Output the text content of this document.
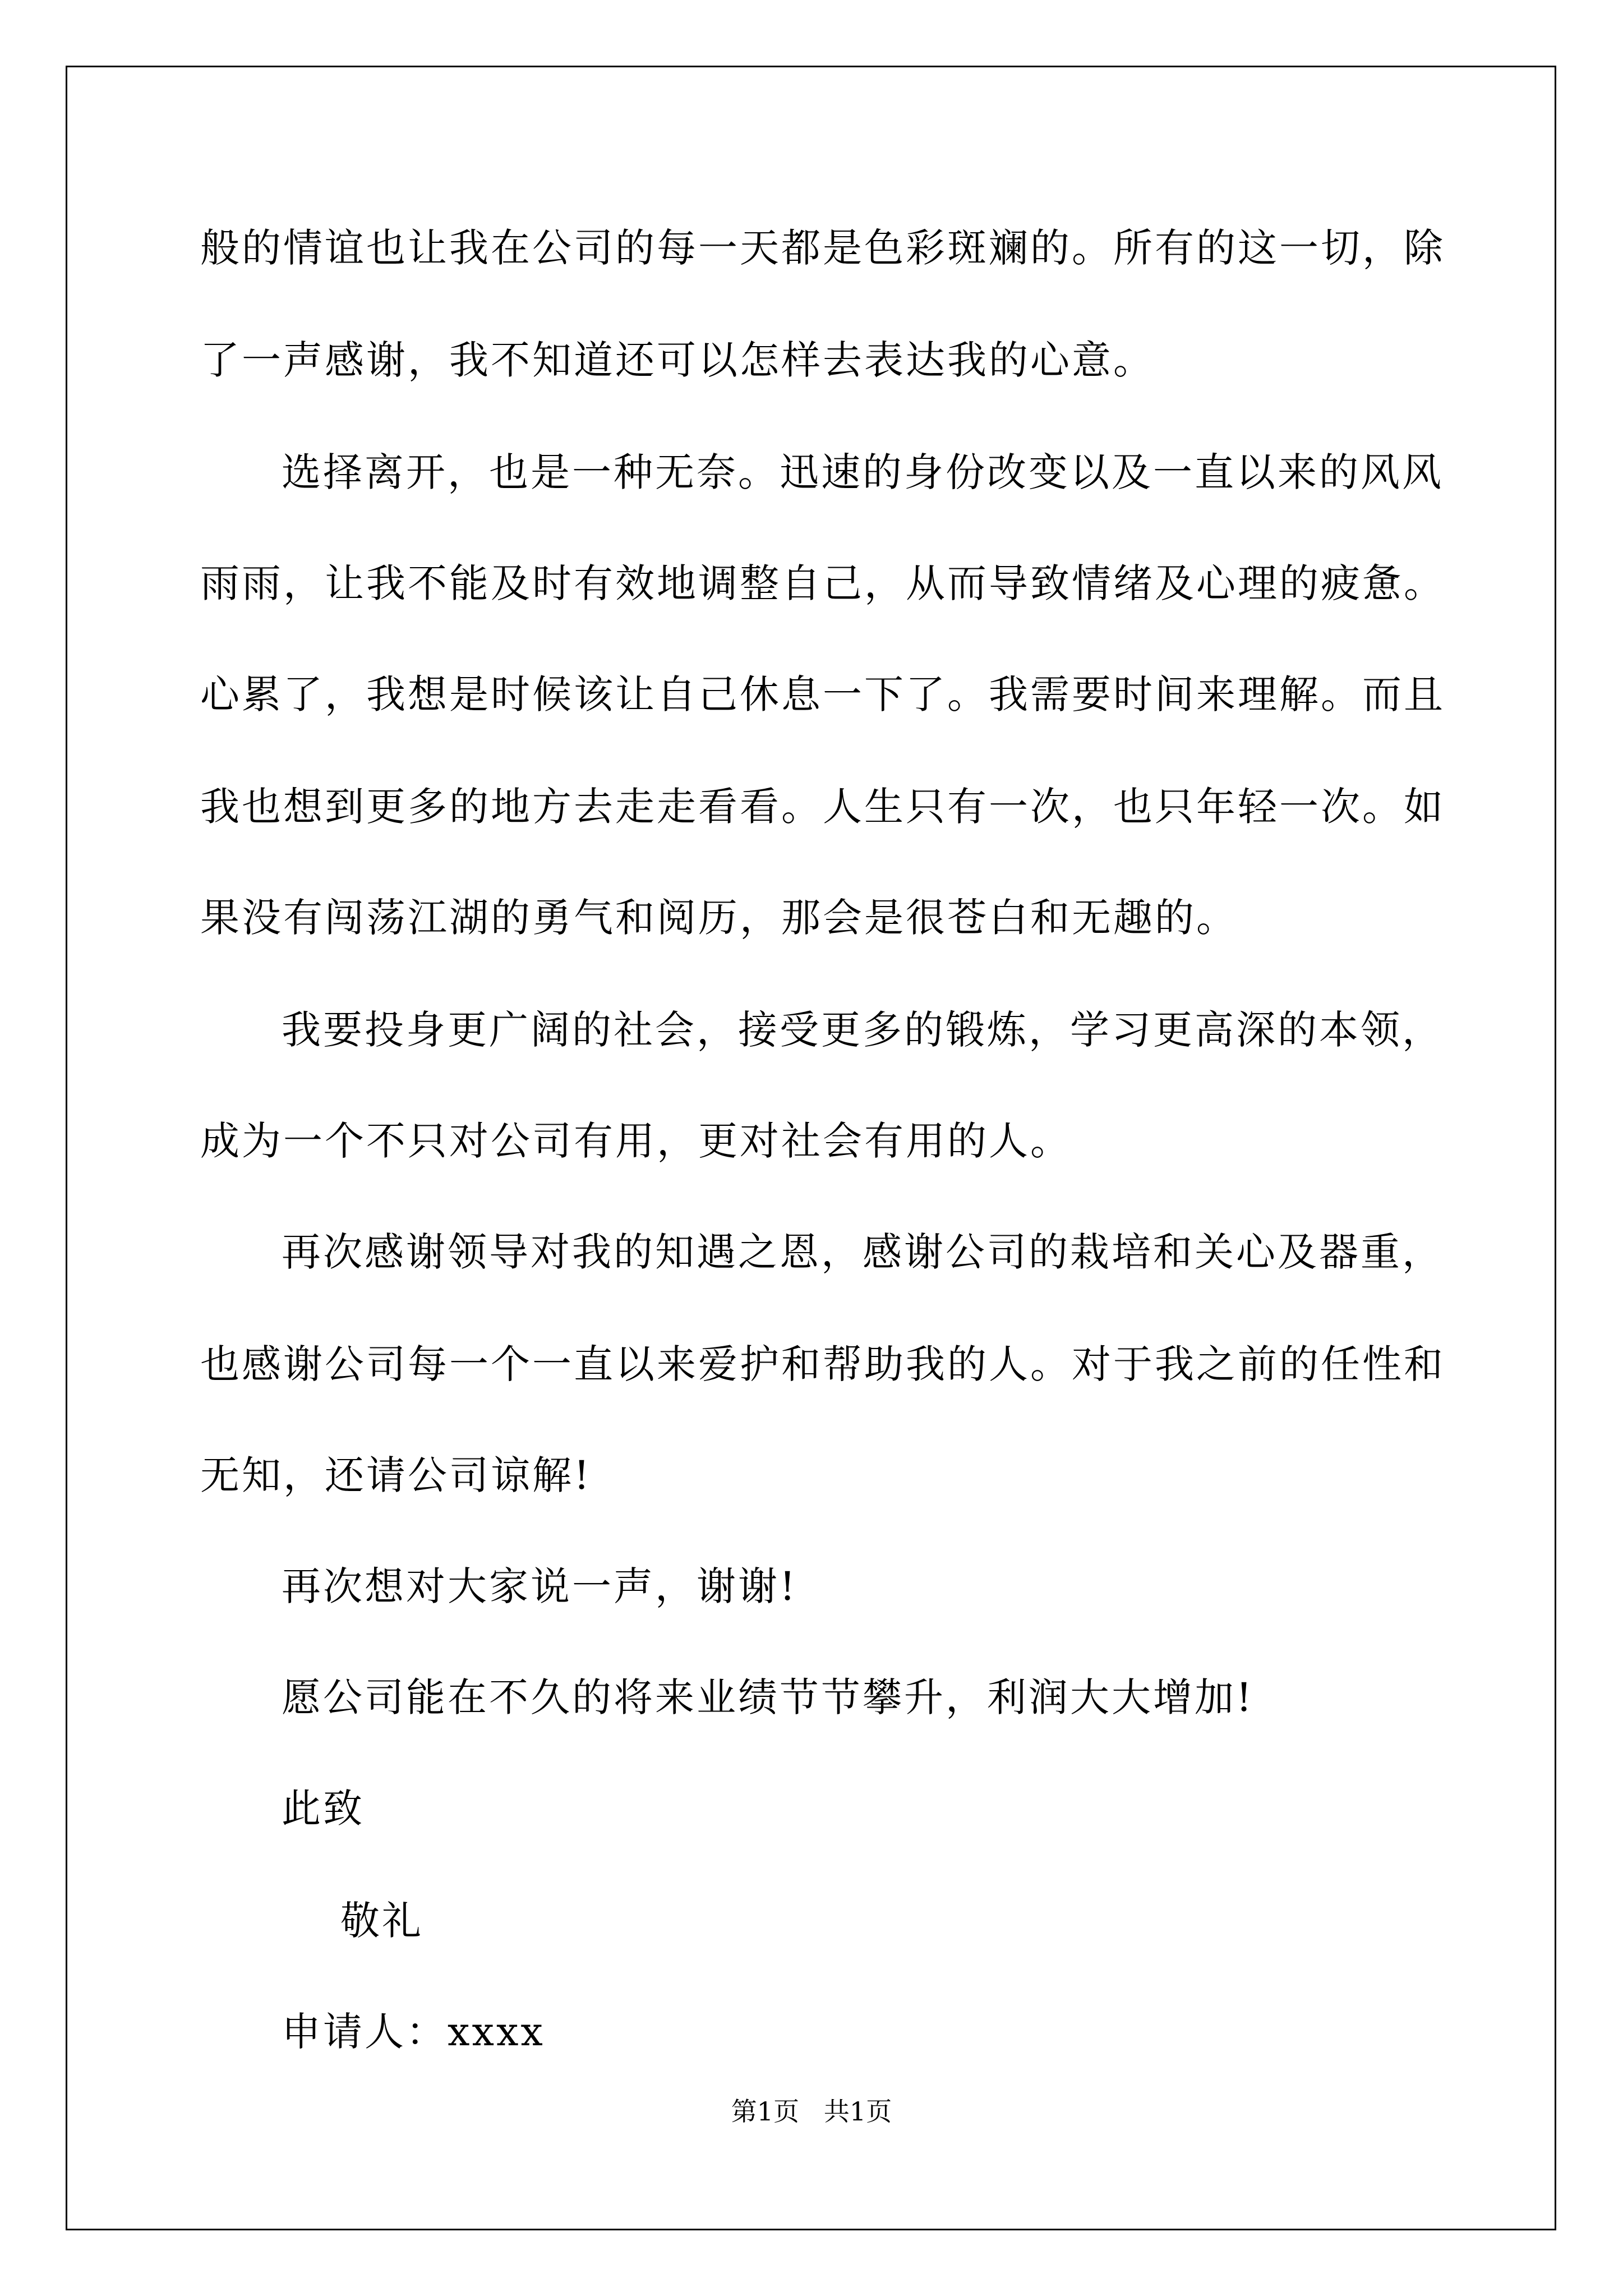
般的情谊也让我在公司的每一天都是色彩斑斓的。所有的这一切，除
了一声感谢，我不知道还可以怎样去表达我的心意。
选择离开，也是一种无奈。迅速的身份改变以及一直以来的风风
雨雨，让我不能及时有效地调整自己，从而导致情绪及心理的疲惫。
心累了，我想是时候该让自己休息一下了。我需要时间来理解。而且
我也想到更多的地方去走走看看。人生只有一次，也只年轻一次。如
果没有闯荡江湖的勇气和阅历，那会是很苍白和无趣的。
我要投身更广阔的社会，接受更多的锻炼，学习更高深的本领，
成为一个不只对公司有用，更对社会有用的人。
再次感谢领导对我的知遇之恩，感谢公司的栽培和关心及器重，
也感谢公司每一个一直以来爱护和帮助我的人。对于我之前的任性和
无知，还请公司谅解!
再次想对大家说一声，谢谢!
愿公司能在不久的将来业绩节节攀升，利润大大增加!
此致
敬礼
申请人：xxxx
第1页   共1页
